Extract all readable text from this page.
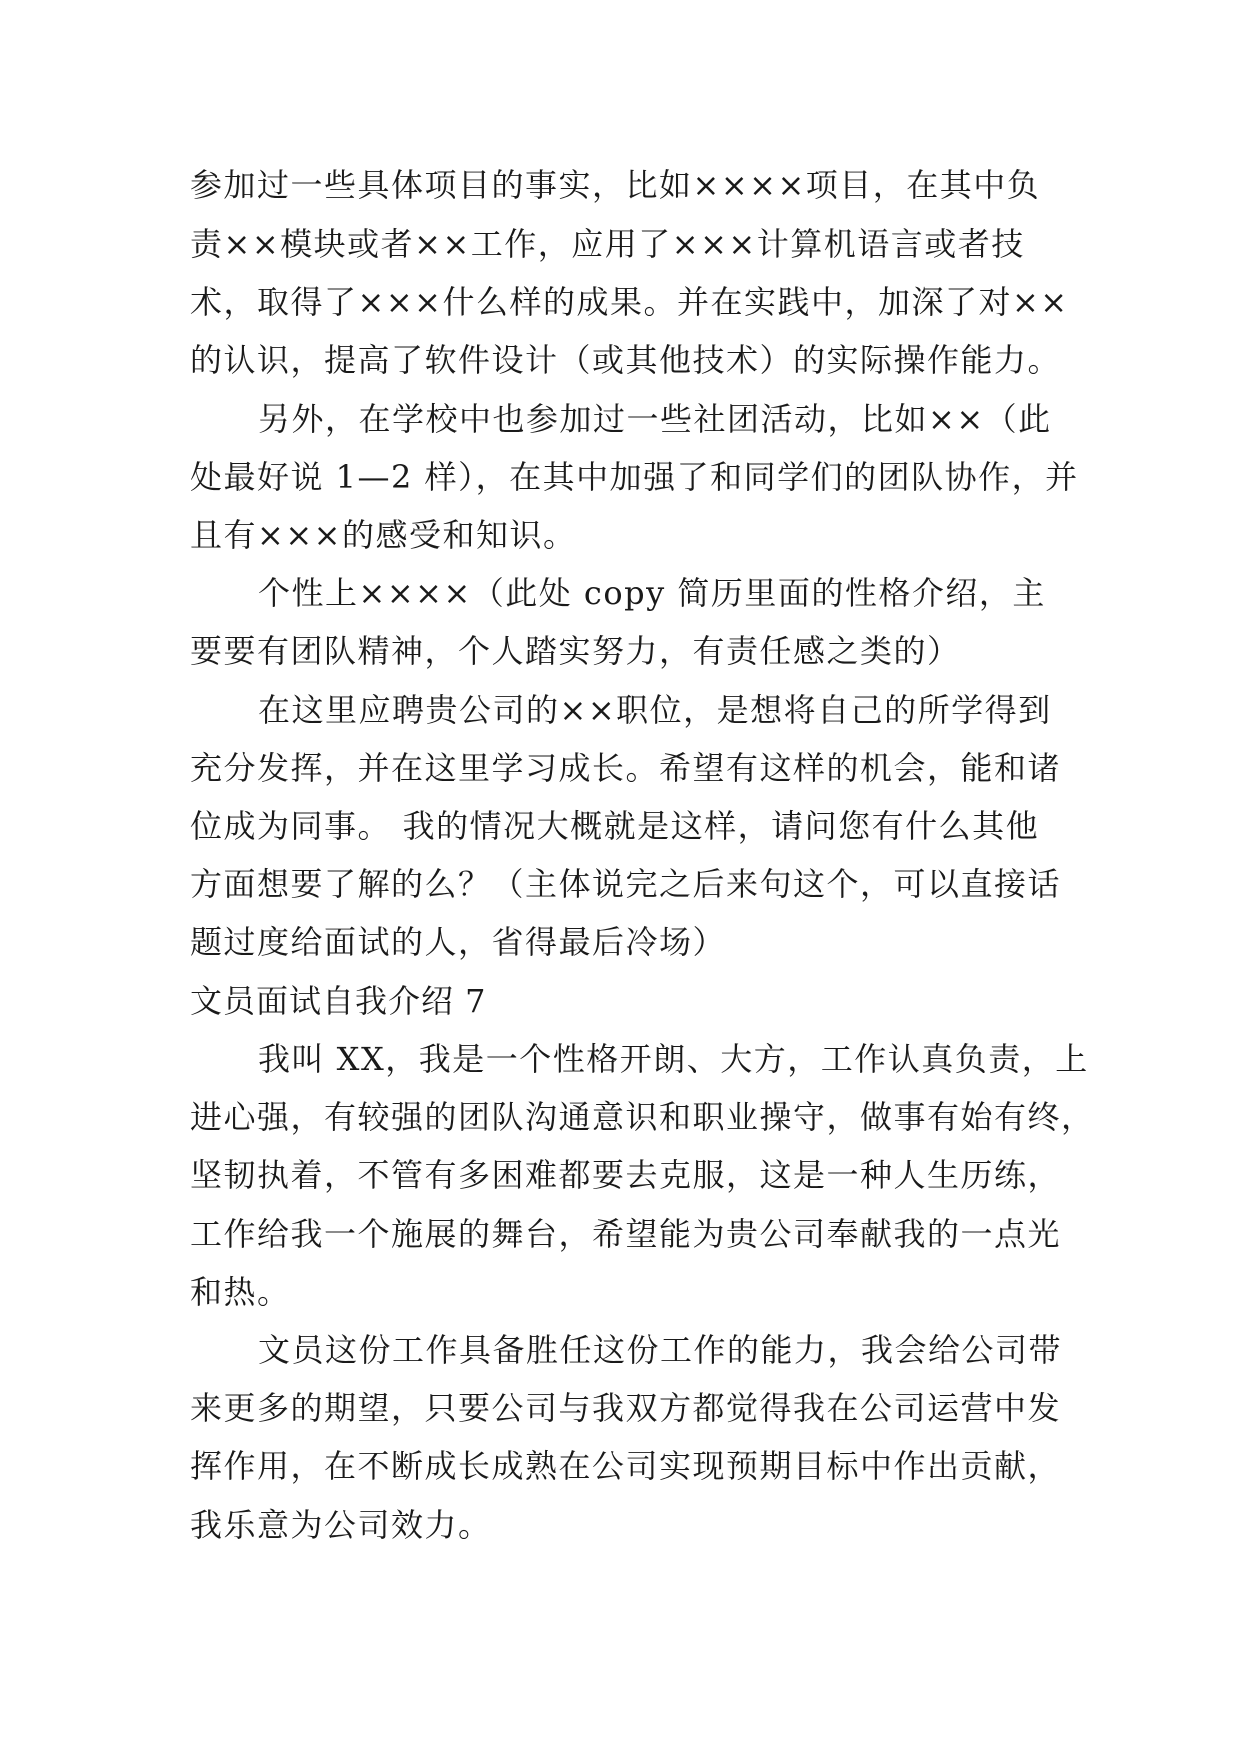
参加过一些具体项目的事实，比如××××项目，在其中负
责××模块或者××工作，应用了×××计算机语言或者技
术，取得了×××什么样的成果。并在实践中，加深了对××
的认识，提高了软件设计（或其他技术）的实际操作能力。
另外，在学校中也参加过一些社团活动，比如××（此
处最好说 1—2 样），在其中加强了和同学们的团队协作，并
且有×××的感受和知识。
个性上××××（此处 copy 简历里面的性格介绍，主
要要有团队精神，个人踏实努力，有责任感之类的）
在这里应聘贵公司的××职位，是想将自己的所学得到
充分发挥，并在这里学习成长。希望有这样的机会，能和诸
位成为同事。 我的情况大概就是这样，请问您有什么其他
方面想要了解的么？（主体说完之后来句这个，可以直接话
题过度给面试的人，省得最后冷场）
文员面试自我介绍 7
我叫 XX，我是一个性格开朗、大方，工作认真负责，上
进心强，有较强的团队沟通意识和职业操守，做事有始有终，
坚韧执着，不管有多困难都要去克服，这是一种人生历练，
工作给我一个施展的舞台，希望能为贵公司奉献我的一点光
和热。
文员这份工作具备胜任这份工作的能力，我会给公司带
来更多的期望，只要公司与我双方都觉得我在公司运营中发
挥作用，在不断成长成熟在公司实现预期目标中作出贡献，
我乐意为公司效力。
